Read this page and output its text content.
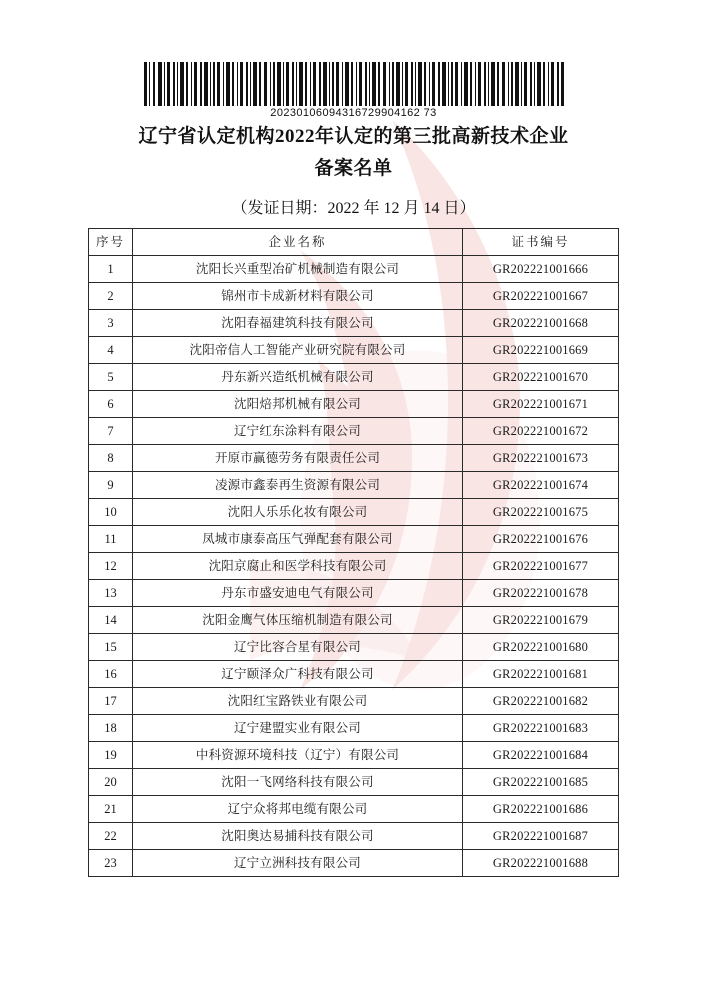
20230106094316729904162 73
辽宁省认定机构2022年认定的第三批高新技术企业
备案名单
（发证日期：2022 年 12 月 14 日）
序号	企业名称	证书编号
1	沈阳长兴重型冶矿机械制造有限公司	GR202221001666
2	锦州市卡成新材料有限公司	GR202221001667
3	沈阳春福建筑科技有限公司	GR202221001668
4	沈阳帝信人工智能产业研究院有限公司	GR202221001669
5	丹东新兴造纸机械有限公司	GR202221001670
6	沈阳焙邦机械有限公司	GR202221001671
7	辽宁红东涂料有限公司	GR202221001672
8	开原市赢德劳务有限责任公司	GR202221001673
9	凌源市鑫泰再生资源有限公司	GR202221001674
10	沈阳人乐乐化妆有限公司	GR202221001675
11	凤城市康泰高压气弹配套有限公司	GR202221001676
12	沈阳京腐止和医学科技有限公司	GR202221001677
13	丹东市盛安迪电气有限公司	GR202221001678
14	沈阳金鹰气体压缩机制造有限公司	GR202221001679
15	辽宁比容合星有限公司	GR202221001680
16	辽宁颐泽众广科技有限公司	GR202221001681
17	沈阳红宝路铁业有限公司	GR202221001682
18	辽宁建盟实业有限公司	GR202221001683
19	中科资源环境科技（辽宁）有限公司	GR202221001684
20	沈阳一飞网络科技有限公司	GR202221001685
21	辽宁众将邦电缆有限公司	GR202221001686
22	沈阳奥达易捕科技有限公司	GR202221001687
23	辽宁立洲科技有限公司	GR202221001688
